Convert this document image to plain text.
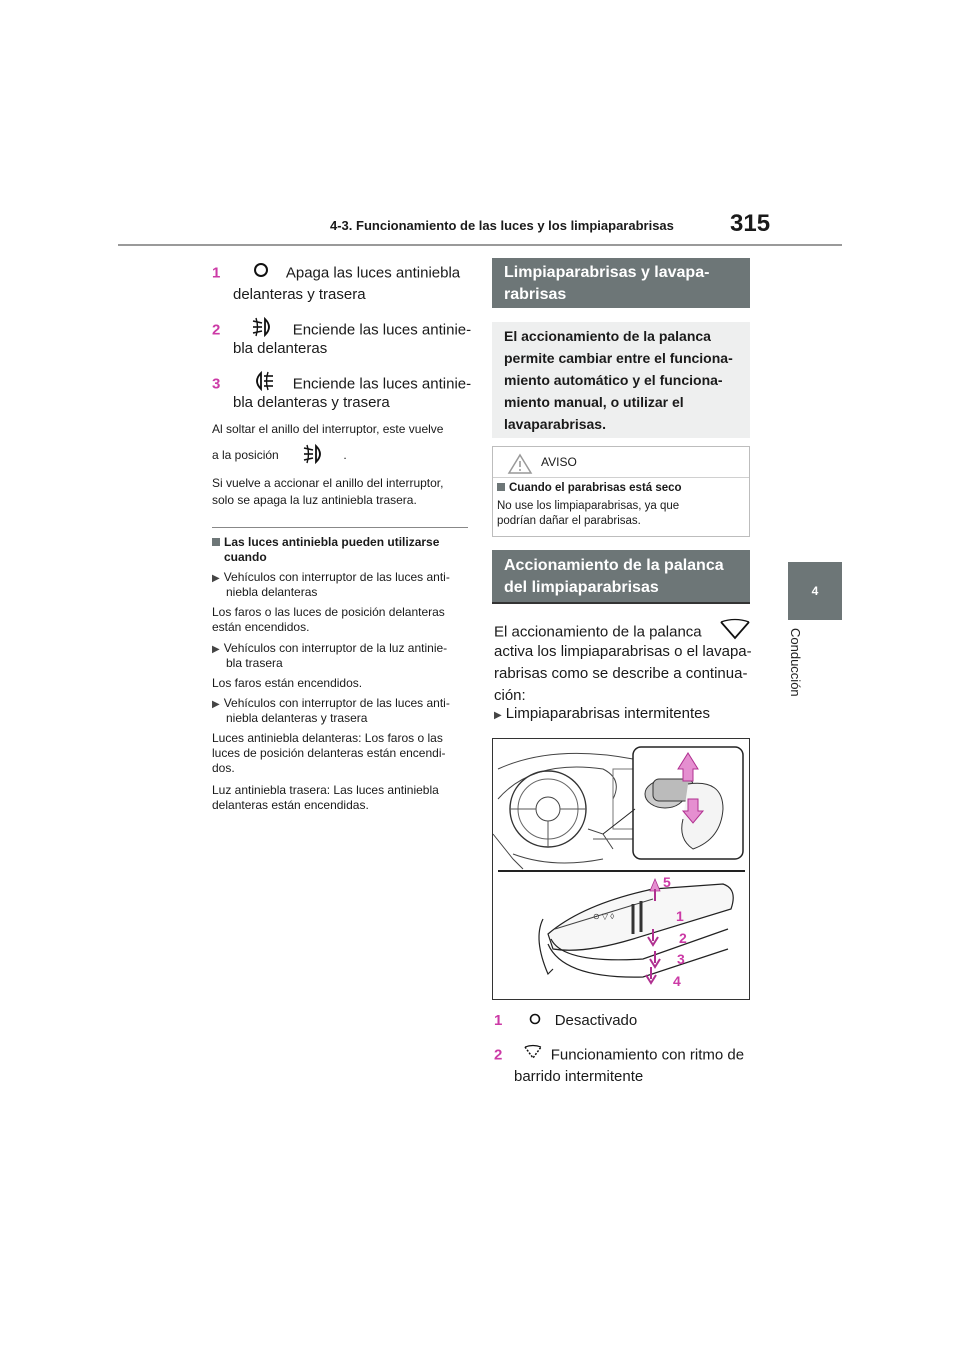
4-3. Funcionamiento de las luces y los limpiaparabrisas	315
4
Conducción
1	Apaga las luces antiniebla
delanteras y trasera
2	Enciende las luces antinie-
bla delanteras
3	Enciende las luces antinie-
bla delanteras y trasera
Al soltar el anillo del interruptor, este vuelve
a la posición	.
Si vuelve a accionar el anillo del interruptor,
solo se apaga la luz antiniebla trasera.
Las luces antiniebla pueden utilizarse
cuando
▶ Vehículos con interruptor de las luces anti-
niebla delanteras
Los faros o las luces de posición delanteras
están encendidos.
▶ Vehículos con interruptor de la luz antinie-
bla trasera
Los faros están encendidos.
▶ Vehículos con interruptor de las luces anti-
niebla delanteras y trasera
Luces antiniebla delanteras: Los faros o las
luces de posición delanteras están encendi-
dos.
Luz antiniebla trasera: Las luces antiniebla
delanteras están encendidas.
Limpiaparabrisas y lavapa-
rabrisas
El accionamiento de la palanca
permite cambiar entre el funciona-
miento automático y el funciona-
miento manual, o utilizar el
lavaparabrisas.
AVISO
Cuando el parabrisas está seco
No use los limpiaparabrisas, ya que
podrían dañar el parabrisas.
Accionamiento de la palanca
del limpiaparabrisas
El accionamiento de la palanca
activa los limpiaparabrisas o el lavapa-
rabrisas como se describe a continua-
ción:
▶ Limpiaparabrisas intermitentes
⊙ ▽ ◊
5
1
2
3
4
1	Desactivado
2	Funcionamiento con ritmo de
barrido intermitente
